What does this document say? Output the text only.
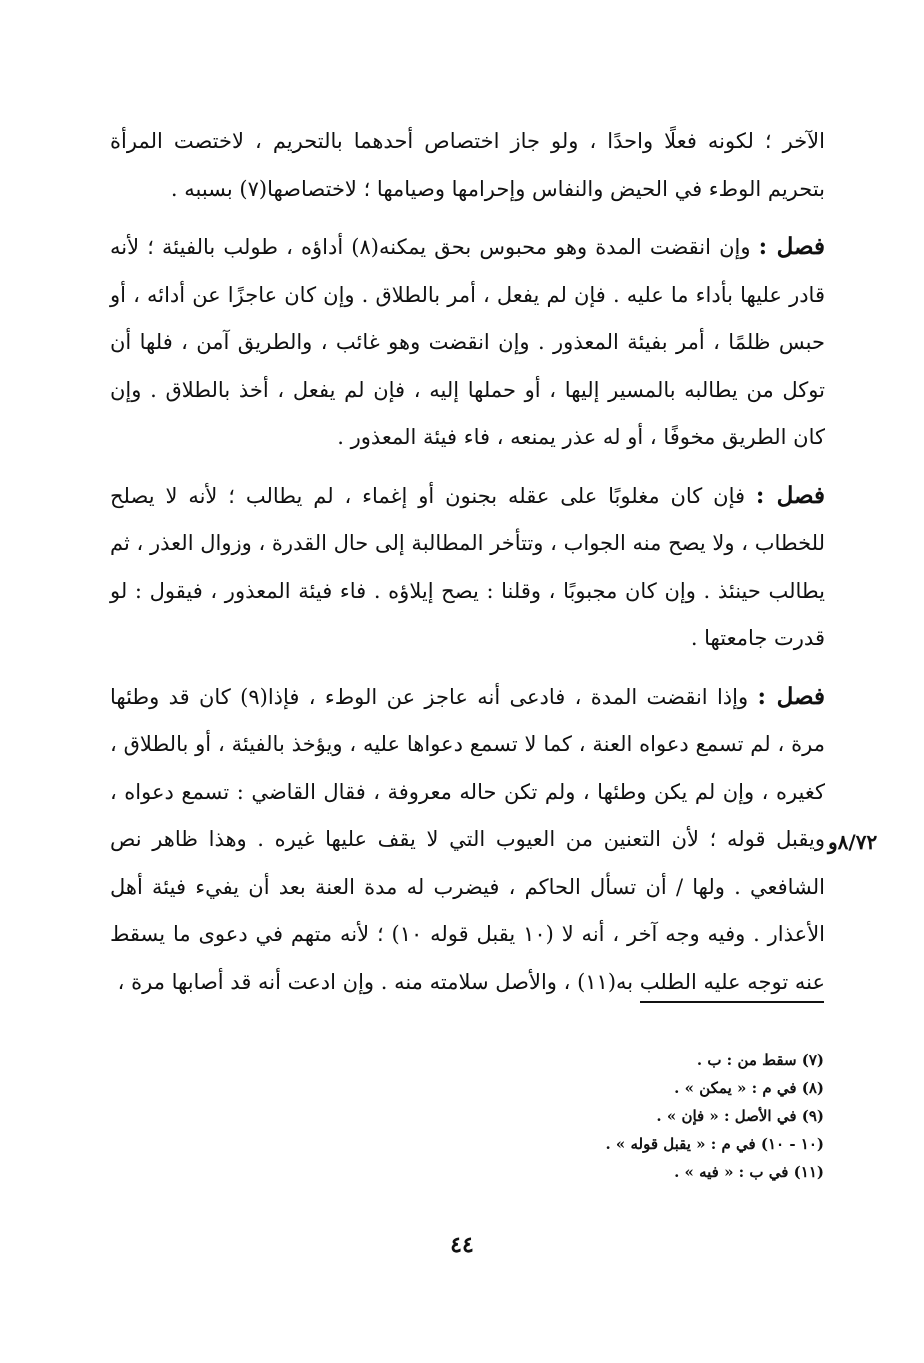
الآخر ؛ لكونه فعلًا واحدًا ، ولو جاز اختصاص أحدهما بالتحريم ، لاختصت المرأة بتحريم الوطء في الحيض والنفاس وإحرامها وصيامها ؛ لاختصاصها(٧) بسببه .

فصل : وإن انقضت المدة وهو محبوس بحق يمكنه(٨) أداؤه ، طولب بالفيئة ؛ لأنه قادر عليها بأداء ما عليه . فإن لم يفعل ، أمر بالطلاق . وإن كان عاجزًا عن أدائه ، أو حبس ظلمًا ، أمر بفيئة المعذور . وإن انقضت وهو غائب ، والطريق آمن ، فلها أن توكل من يطالبه بالمسير إليها ، أو حملها إليه ، فإن لم يفعل ، أخذ بالطلاق . وإن كان الطريق مخوفًا ، أو له عذر يمنعه ، فاء فيئة المعذور .

فصل : فإن كان مغلوبًا على عقله بجنون أو إغماء ، لم يطالب ؛ لأنه لا يصلح للخطاب ، ولا يصح منه الجواب ، وتتأخر المطالبة إلى حال القدرة ، وزوال العذر ، ثم يطالب حينئذ . وإن كان مجبوبًا ، وقلنا : يصح إيلاؤه . فاء فيئة المعذور ، فيقول : لو قدرت جامعتها .

فصل : وإذا انقضت المدة ، فادعى أنه عاجز عن الوطء ، فإذا(٩) كان قد وطئها مرة ، لم تسمع دعواه العنة ، كما لا تسمع دعواها عليه ، ويؤخذ بالفيئة ، أو بالطلاق ، كغيره ، وإن لم يكن وطئها ، ولم تكن حاله معروفة ، فقال القاضي : تسمع دعواه ، ويقبل قوله ؛ لأن التعنين من العيوب التي لا يقف عليها غيره . وهذا ظاهر نص الشافعي . ولها / أن تسأل الحاكم ، فيضرب له مدة العنة بعد أن يفيء فيئة أهل الأعذار . وفيه وجه آخر ، أنه لا (١٠ يقبل قوله ١٠) ؛ لأنه متهم في دعوى ما يسقط عنه توجه عليه الطلب به(١١) ، والأصل سلامته منه . وإن ادعت أنه قد أصابها مرة ،

٨/٧٢و

(٧) سقط من : ب .

(٨) في م : « يمكن » .

(٩) في الأصل : « فإن » .

(١٠ - ١٠) في م : « يقبل قوله » .

(١١) في ب : « فيه » .

٤٤
